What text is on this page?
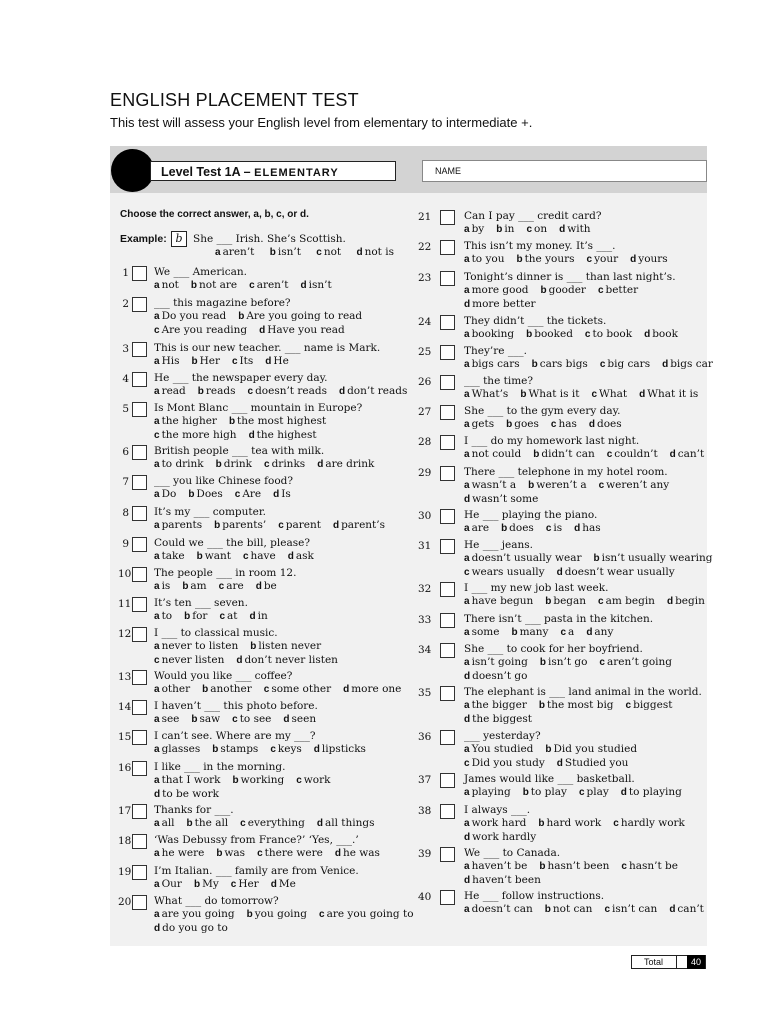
ENGLISH PLACEMENT TEST
This test will assess your English level from elementary to intermediate +.
Level Test 1A – ELEMENTARY	NAME
Choose the correct answer, a, b, c, or d.
Example: b She ___ Irish. She’s Scottish.
a aren’t b isn’t c not d not is
1 We ___ American.
a not b not are c aren’t d isn’t
2 ___ this magazine before?
a Do you read b Are you going to read
c Are you reading d Have you read
3 This is our new teacher. ___ name is Mark.
a His b Her c Its d He
4 He ___ the newspaper every day.
a read b reads c doesn’t reads d don’t reads
5 Is Mont Blanc ___ mountain in Europe?
a the higher b the most highest
c the more high d the highest
6 British people ___ tea with milk.
a to drink b drink c drinks d are drink
7 ___ you like Chinese food?
a Do b Does c Are d Is
8 It’s my ___ computer.
a parents b parents’ c parent d parent’s
9 Could we ___ the bill, please?
a take b want c have d ask
10 The people ___ in room 12.
a is b am c are d be
11 It’s ten ___ seven.
a to b for c at d in
12 I ___ to classical music.
a never to listen b listen never
c never listen d don’t never listen
13 Would you like ___ coffee?
a other b another c some other d more one
14 I haven’t ___ this photo before.
a see b saw c to see d seen
15 I can’t see. Where are my ___?
a glasses b stamps c keys d lipsticks
16 I like ___ in the morning.
a that I work b working c work
d to be work
17 Thanks for ___.
a all b the all c everything d all things
18 ‘Was Debussy from France?’ ‘Yes, ___.’
a he were b was c there were d he was
19 I’m Italian. ___ family are from Venice.
a Our b My c Her d Me
20 What ___ do tomorrow?
a are you going b you going c are you going to
d do you go to
21	Can I pay ___ credit card?
a by b in c on d with
22	This isn’t my money. It’s ___.
a to you b the yours c your d yours
23	Tonight’s dinner is ___ than last night’s.
a more good b gooder c better
d more better
24	They didn’t ___ the tickets.
a booking b booked c to book d book
25	They’re ___.
a bigs cars b cars bigs c big cars d bigs car
26	___ the time?
a What’s b What is it c What d What it is
27	She ___ to the gym every day.
a gets b goes c has d does
28	I ___ do my homework last night.
a not could b didn’t can c couldn’t d can’t
29	There ___ telephone in my hotel room.
a wasn’t a b weren’t a c weren’t any
d wasn’t some
30	He ___ playing the piano.
a are b does c is d has
31	He ___ jeans.
a doesn’t usually wear b isn’t usually wearing
c wears usually d doesn’t wear usually
32	I ___ my new job last week.
a have begun b began c am begin d begin
33	There isn’t ___ pasta in the kitchen.
a some b many c a d any
34	She ___ to cook for her boyfriend.
a isn’t going b isn’t go c aren’t going
d doesn’t go
35	The elephant is ___ land animal in the world.
a the bigger b the most big c biggest
d the biggest
36	___ yesterday?
a You studied b Did you studied
c Did you study d Studied you
37	James would like ___ basketball.
a playing b to play c play d to playing
38	I always ___.
a work hard b hard work c hardly work
d work hardly
39	We ___ to Canada.
a haven’t be b hasn’t been c hasn’t be
d haven’t been
40	He ___ follow instructions.
a doesn’t can b not can c isn’t can d can’t
Total	40
